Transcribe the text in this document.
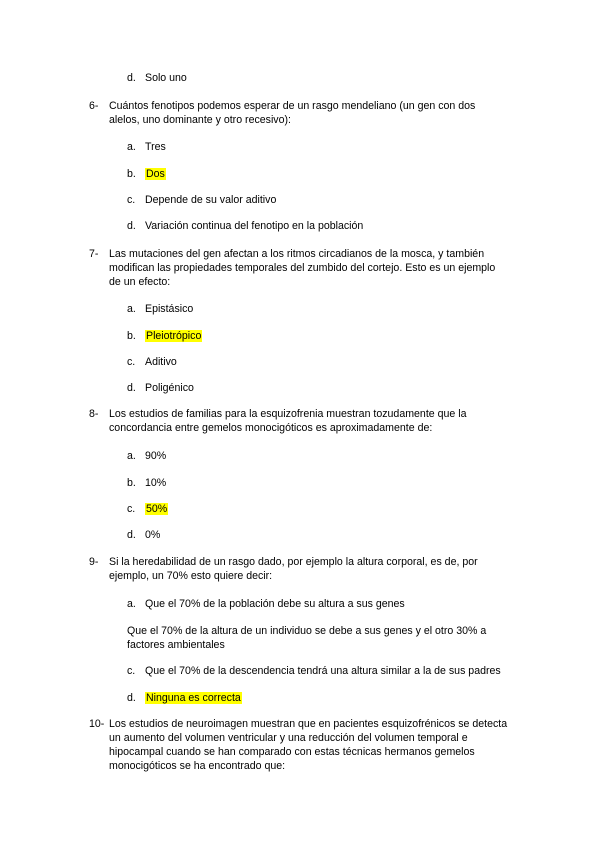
d. Solo uno
6- Cuántos fenotipos podemos esperar de un rasgo mendeliano (un gen con dos
alelos, uno dominante y otro recesivo):
a. Tres
b. Dos
c. Depende de su valor aditivo
d. Variación continua del fenotipo en la población
7- Las mutaciones del gen afectan a los ritmos circadianos de la mosca, y también
modifican las propiedades temporales del zumbido del cortejo. Esto es un ejemplo
de un efecto:
a. Epistásico
b. Pleiotrópico
c. Aditivo
d. Poligénico
8- Los estudios de familias para la esquizofrenia muestran tozudamente que la
concordancia entre gemelos monocigóticos es aproximadamente de:
a. 90%
b. 10%
c. 50%
d. 0%
9- Si la heredabilidad de un rasgo dado, por ejemplo la altura corporal, es de, por
ejemplo, un 70% esto quiere decir:
a. Que el 70% de la población debe su altura a sus genes
Que el 70% de la altura de un individuo se debe a sus genes y el otro 30% a
factores ambientales
c. Que el 70% de la descendencia tendrá una altura similar a la de sus padres
d. Ninguna es correcta
10- Los estudios de neuroimagen muestran que en pacientes esquizofrénicos se detecta
un aumento del volumen ventricular y una reducción del volumen temporal e
hipocampal cuando se han comparado con estas técnicas hermanos gemelos
monocigóticos se ha encontrado que:
